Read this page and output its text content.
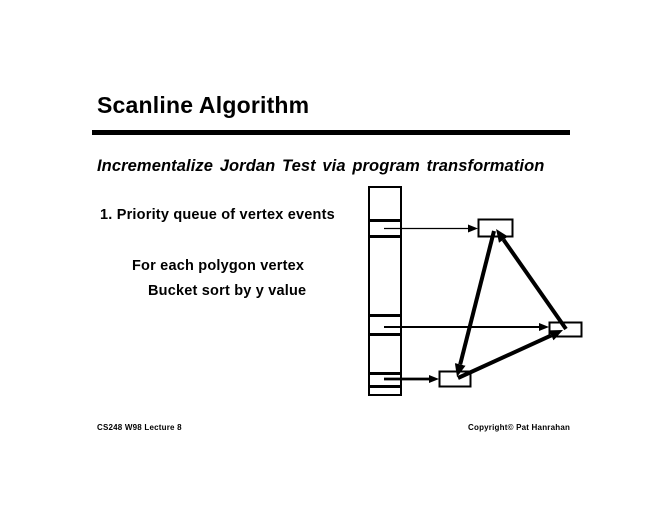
Scanline Algorithm
Incrementalize Jordan Test via program transformation
1. Priority queue of vertex events
For each polygon vertex
Bucket sort by y value
CS248 W98 Lecture 8	Copyright© Pat Hanrahan
